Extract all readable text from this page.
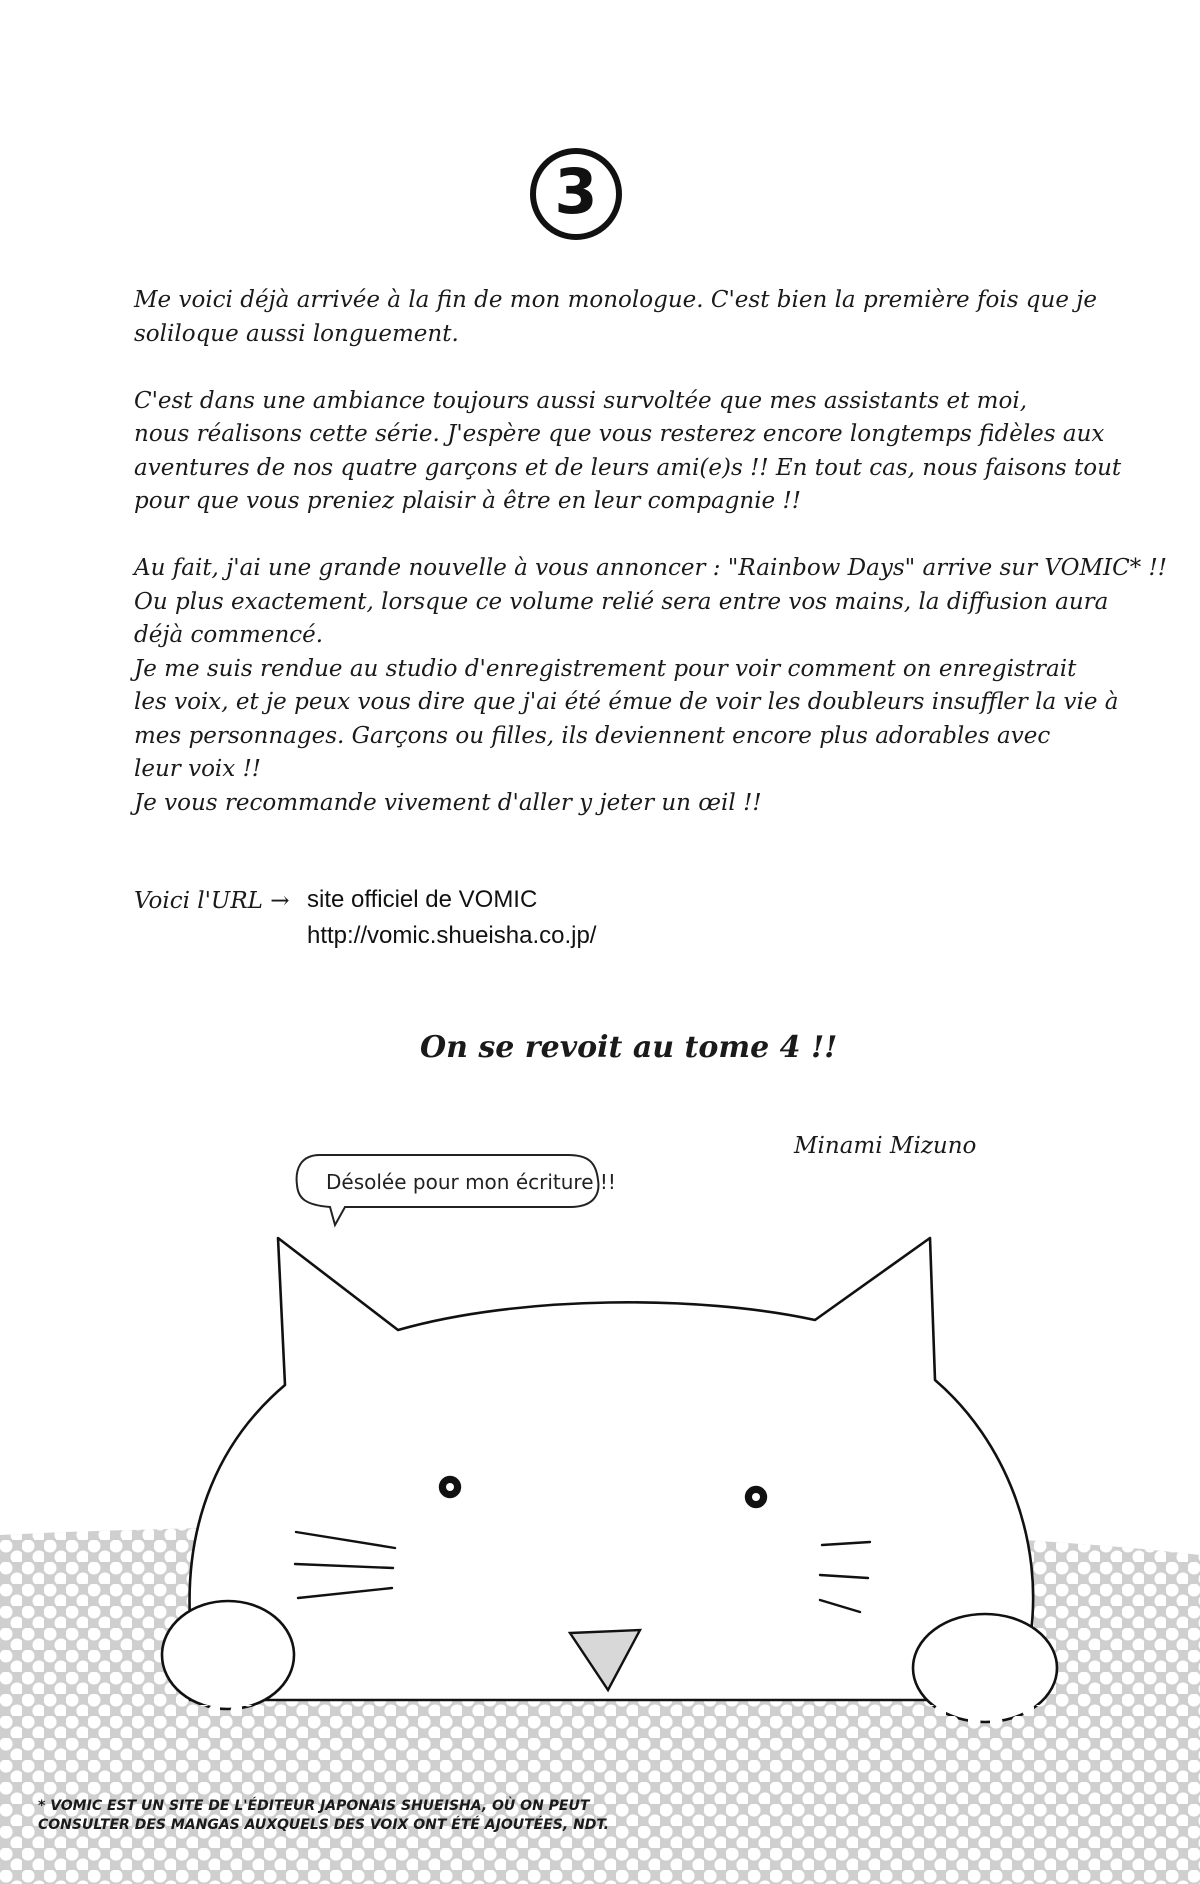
3

Me voici déjà arrivée à la fin de mon monologue. C'est bien la première fois que je

soliloque aussi longuement.

C'est dans une ambiance toujours aussi survoltée que mes assistants et moi,

nous réalisons cette série. J'espère que vous resterez encore longtemps fidèles aux

aventures de nos quatre garçons et de leurs ami(e)s !! En tout cas, nous faisons tout

pour que vous preniez plaisir à être en leur compagnie !!

Au fait, j'ai une grande nouvelle à vous annoncer : "Rainbow Days" arrive sur VOMIC* !!

Ou plus exactement, lorsque ce volume relié sera entre vos mains, la diffusion aura

déjà commencé.

Je me suis rendue au studio d'enregistrement pour voir comment on enregistrait

les voix, et je peux vous dire que j'ai été émue de voir les doubleurs insuffler la vie à

mes personnages. Garçons ou filles, ils deviennent encore plus adorables avec

leur voix !!

Je vous recommande vivement d'aller y jeter un œil !!

Voici l'URL → site officiel de VOMIC
http://vomic.shueisha.co.jp/
On se revoit au tome 4 !!
Minami Mizuno
Désolée pour mon écriture !!
* VOMIC EST UN SITE DE L'ÉDITEUR JAPONAIS SHUEISHA, OÙ ON PEUT
CONSULTER DES MANGAS AUXQUELS DES VOIX ONT ÉTÉ AJOUTÉES, NDT.
